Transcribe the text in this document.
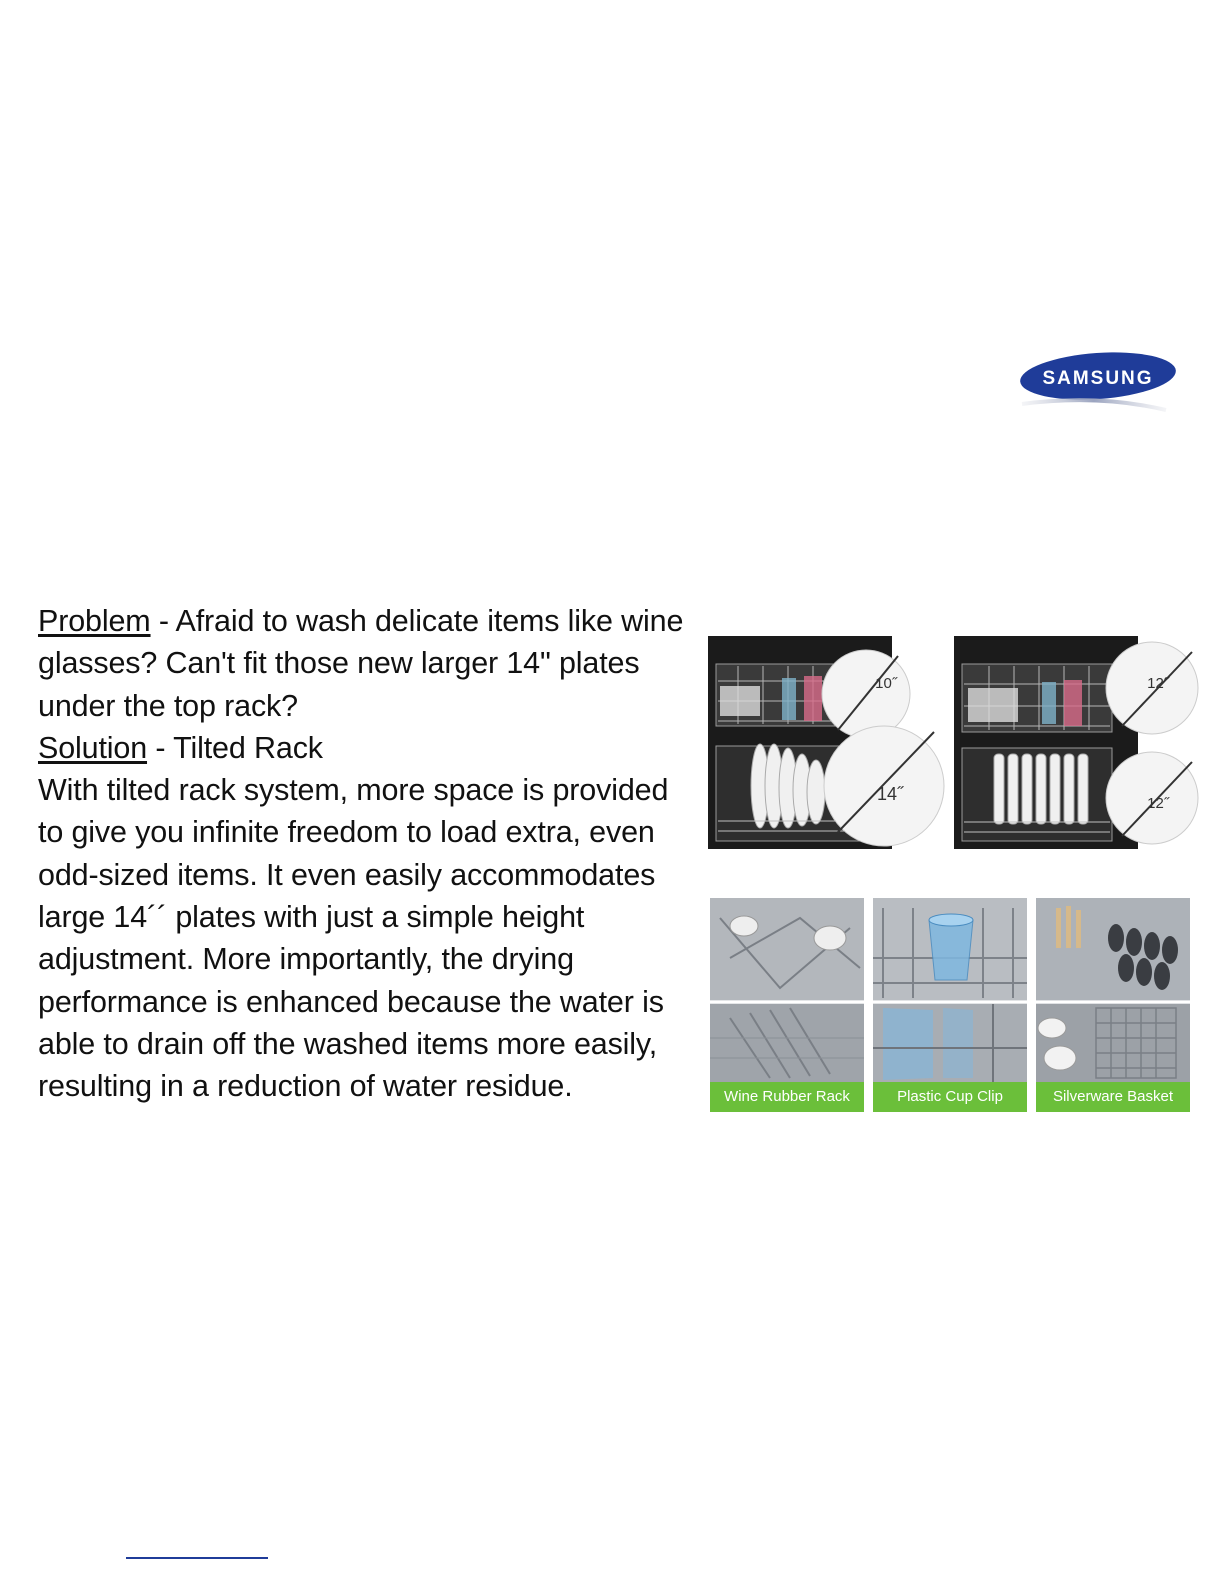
SAMSUNG

Problem - Afraid to wash delicate items like wine glasses? Can't fit those new larger 14" plates under the top rack?

Solution - Tilted Rack

With tilted rack system, more space is provided to give you infinite freedom to load extra, even odd-sized items. It even easily accommodates large 14´´ plates with just a simple height adjustment. More importantly, the drying performance is enhanced because the water is able to drain off the washed items more easily, resulting in a reduction of water residue.

10˝
14˝
12˝
12˝
Wine Rubber Rack	Plastic Cup Clip	Silverware Basket
